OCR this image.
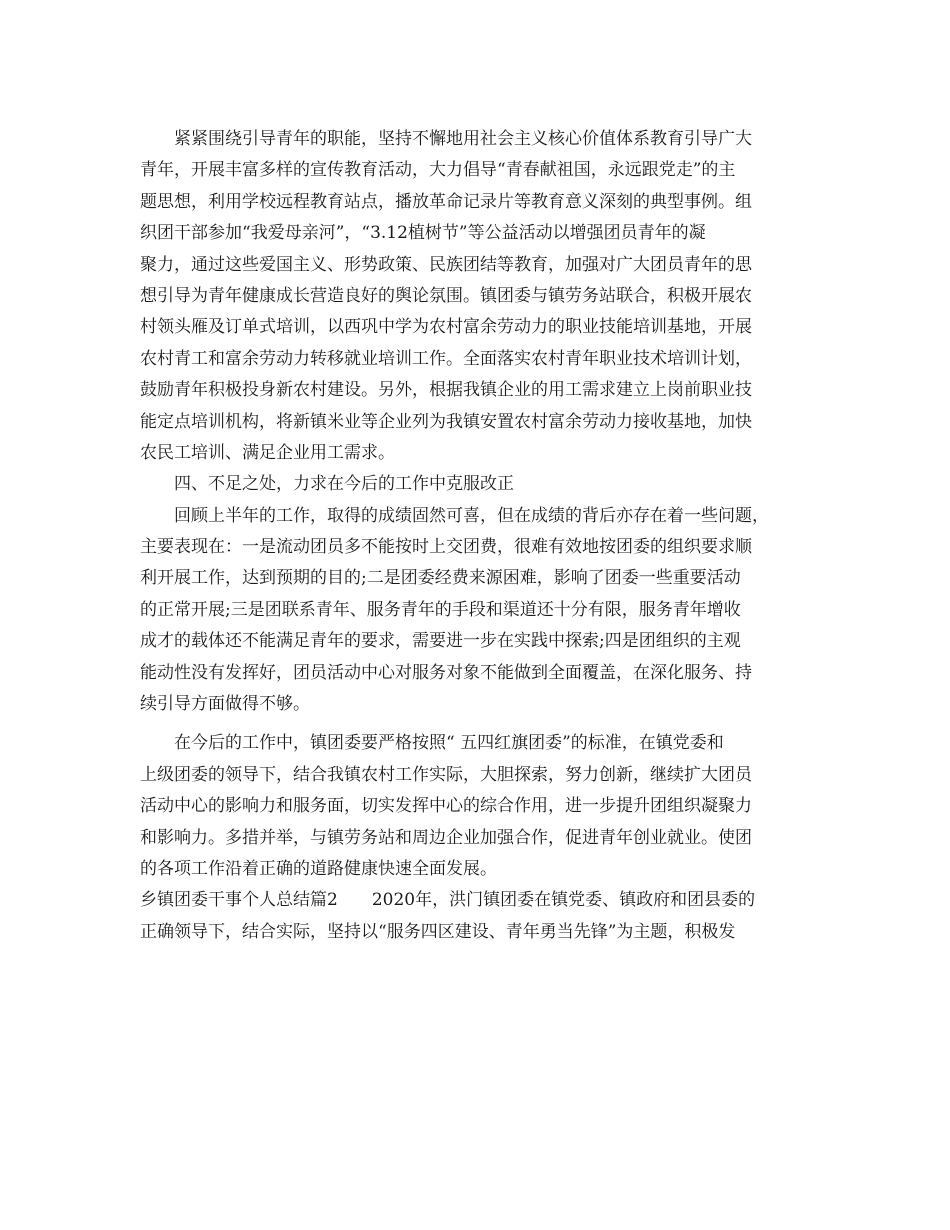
紧紧围绕引导青年的职能，坚持不懈地用社会主义核心价值体系教育引导广大
青年，开展丰富多样的宣传教育活动，大力倡导“青春献祖国，永远跟党走”的主
题思想，利用学校远程教育站点，播放革命记录片等教育意义深刻的典型事例。组
织团干部参加“我爱母亲河”，“3.12植树节”等公益活动以增强团员青年的凝
聚力，通过这些爱国主义、形势政策、民族团结等教育，加强对广大团员青年的思
想引导为青年健康成长营造良好的舆论氛围。镇团委与镇劳务站联合，积极开展农
村领头雁及订单式培训，以西巩中学为农村富余劳动力的职业技能培训基地，开展
农村青工和富余劳动力转移就业培训工作。全面落实农村青年职业技术培训计划，
鼓励青年积极投身新农村建设。另外，根据我镇企业的用工需求建立上岗前职业技
能定点培训机构，将新镇米业等企业列为我镇安置农村富余劳动力接收基地，加快
农民工培训、满足企业用工需求。
四、不足之处，力求在今后的工作中克服改正
回顾上半年的工作，取得的成绩固然可喜，但在成绩的背后亦存在着一些问题，
主要表现在：一是流动团员多不能按时上交团费，很难有效地按团委的组织要求顺
利开展工作，达到预期的目的;二是团委经费来源困难，影响了团委一些重要活动
的正常开展;三是团联系青年、服务青年的手段和渠道还十分有限，服务青年增收
成才的载体还不能满足青年的要求，需要进一步在实践中探索;四是团组织的主观
能动性没有发挥好，团员活动中心对服务对象不能做到全面覆盖，在深化服务、持
续引导方面做得不够。
在今后的工作中，镇团委要严格按照“ 五四红旗团委”的标准，在镇党委和
上级团委的领导下，结合我镇农村工作实际，大胆探索，努力创新，继续扩大团员
活动中心的影响力和服务面，切实发挥中心的综合作用，进一步提升团组织凝聚力
和影响力。多措并举，与镇劳务站和周边企业加强合作，促进青年创业就业。使团
的各项工作沿着正确的道路健康快速全面发展。
乡镇团委干事个人总结篇2　　2020年，洪门镇团委在镇党委、镇政府和团县委的
正确领导下，结合实际，坚持以“服务四区建设、青年勇当先锋”为主题，积极发
